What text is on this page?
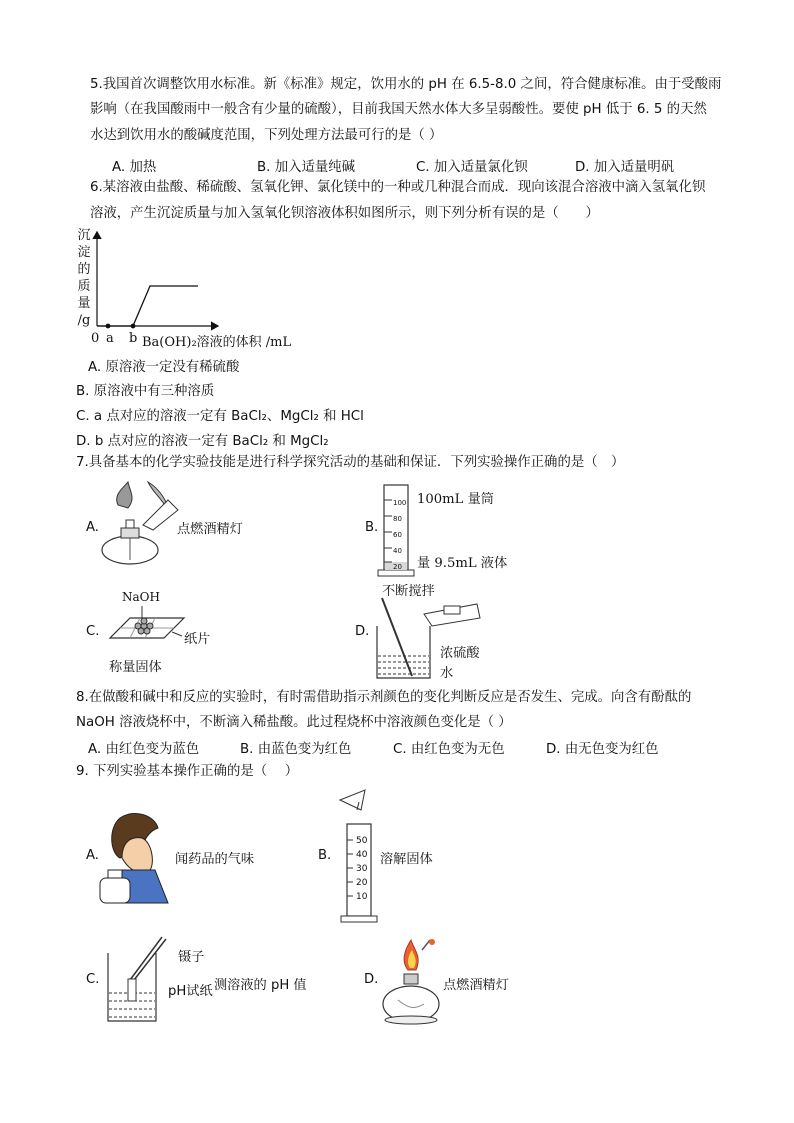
5.我国首次调整饮用水标准。新《标准》规定，饮用水的 pH 在 6.5-8.0 之间，符合健康标准。由于受酸雨
影响（在我国酸雨中一般含有少量的硫酸），目前我国天然水体大多呈弱酸性。要使 pH 低于 6. 5 的天然
水达到饮用水的酸碱度范围，下列处理方法最可行的是（ ）
A. 加热	B. 加入适量纯碱	C. 加入适量氯化钡	D. 加入适量明矾
6.某溶液由盐酸、稀硫酸、氢氧化钾、氯化镁中的一种或几种混合而成．现向该混合溶液中滴入氢氧化钡
溶液，产生沉淀质量与加入氢氧化钡溶液体积如图所示，则下列分析有误的是（　　）
沉
淀
的
质
量
/g
0 a b Ba(OH)₂溶液的体积 /mL
A. 原溶液一定没有稀硫酸
B. 原溶液中有三种溶质
C. a 点对应的溶液一定有 BaCl₂、MgCl₂ 和 HCl
D. b 点对应的溶液一定有 BaCl₂ 和 MgCl₂
7.具备基本的化学实验技能是进行科学探究活动的基础和保证．下列实验操作正确的是（　）
A.	点燃酒精灯	B.
100
80
60
40
20
100mL 量筒
量 9.5mL 液体
C.
NaOH
纸片
称量固体
D.
不断搅拌
浓硫酸
水
8.在做酸和碱中和反应的实验时，有时需借助指示剂颜色的变化判断反应是否发生、完成。向含有酚酞的
NaOH 溶液烧杯中，不断滴入稀盐酸。此过程烧杯中溶液颜色变化是（ ）
A. 由红色变为蓝色	B. 由蓝色变为红色	C. 由红色变为无色	D. 由无色变为红色
9. 下列实验基本操作正确的是（　 ）
A.	闻药品的气味	B.
50
40
30
20
10
溶解固体
C.
镊子
pH试纸 测溶液的 pH 值	D.	点燃酒精灯
